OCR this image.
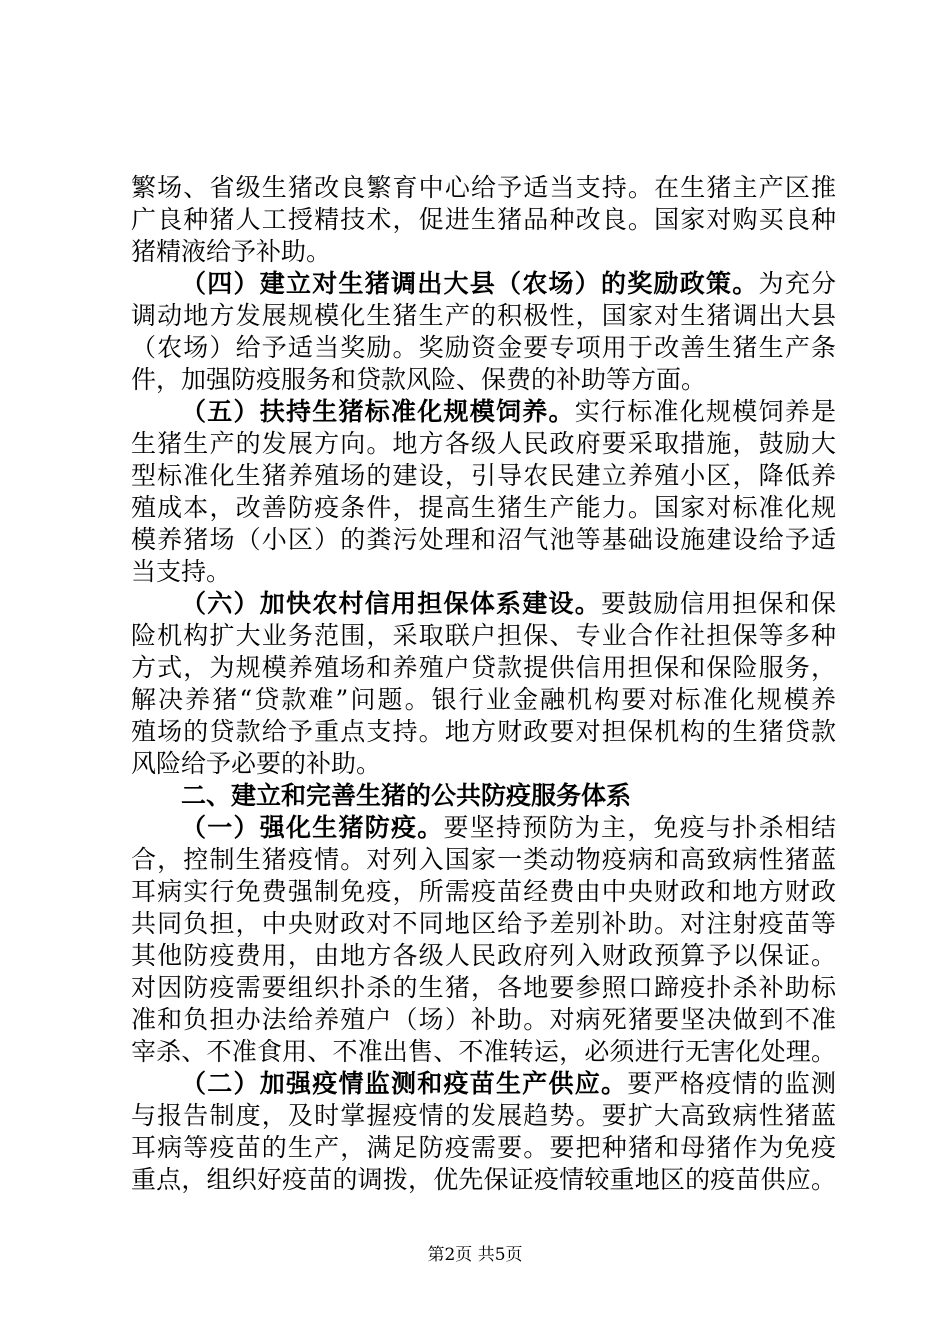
繁场、省级生猪改良繁育中心给予适当支持。在生猪主产区推
广良种猪人工授精技术，促进生猪品种改良。国家对购买良种
猪精液给予补助。
（四）建立对生猪调出大县（农场）的奖励政策。为充分
调动地方发展规模化生猪生产的积极性，国家对生猪调出大县
（农场）给予适当奖励。奖励资金要专项用于改善生猪生产条
件，加强防疫服务和贷款风险、保费的补助等方面。
（五）扶持生猪标准化规模饲养。实行标准化规模饲养是
生猪生产的发展方向。地方各级人民政府要采取措施，鼓励大
型标准化生猪养殖场的建设，引导农民建立养殖小区，降低养
殖成本，改善防疫条件，提高生猪生产能力。国家对标准化规
模养猪场（小区）的粪污处理和沼气池等基础设施建设给予适
当支持。
（六）加快农村信用担保体系建设。要鼓励信用担保和保
险机构扩大业务范围，采取联户担保、专业合作社担保等多种
方式，为规模养殖场和养殖户贷款提供信用担保和保险服务，
解决养猪“贷款难”问题。银行业金融机构要对标准化规模养
殖场的贷款给予重点支持。地方财政要对担保机构的生猪贷款
风险给予必要的补助。
二、建立和完善生猪的公共防疫服务体系
（一）强化生猪防疫。要坚持预防为主，免疫与扑杀相结
合，控制生猪疫情。对列入国家一类动物疫病和高致病性猪蓝
耳病实行免费强制免疫，所需疫苗经费由中央财政和地方财政
共同负担，中央财政对不同地区给予差别补助。对注射疫苗等
其他防疫费用，由地方各级人民政府列入财政预算予以保证。
对因防疫需要组织扑杀的生猪，各地要参照口蹄疫扑杀补助标
准和负担办法给养殖户（场）补助。对病死猪要坚决做到不准
宰杀、不准食用、不准出售、不准转运，必须进行无害化处理。
（二）加强疫情监测和疫苗生产供应。要严格疫情的监测
与报告制度，及时掌握疫情的发展趋势。要扩大高致病性猪蓝
耳病等疫苗的生产，满足防疫需要。要把种猪和母猪作为免疫
重点，组织好疫苗的调拨，优先保证疫情较重地区的疫苗供应。
第2页 共5页
